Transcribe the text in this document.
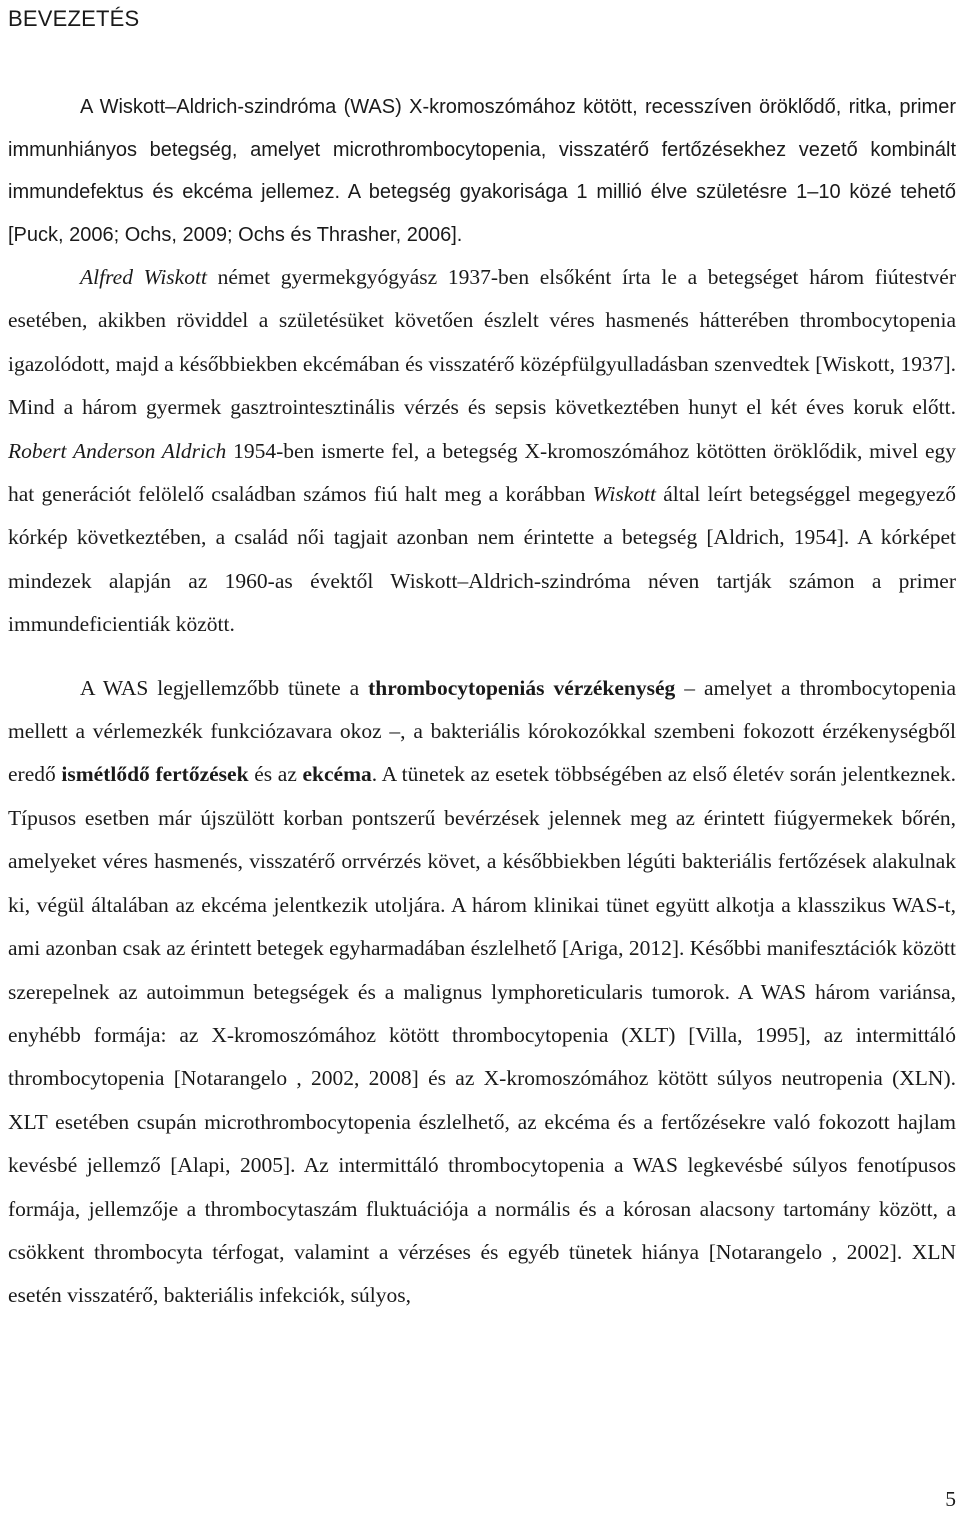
BEVEZETÉS

A Wiskott–Aldrich-szindróma (WAS) X-kromoszómához kötött, recesszíven öröklődő, ritka, primer immunhiányos betegség, amelyet microthrombocytopenia, visszatérő fertőzésekhez vezető kombinált immundefektus és ekcéma jellemez. A betegség gyakorisága 1 millió élve születésre 1–10 közé tehető [Puck, 2006; Ochs, 2009; Ochs és Thrasher, 2006].

Alfred Wiskott német gyermekgyógyász 1937-ben elsőként írta le a betegséget három fiútestvér esetében, akikben röviddel a születésüket követően észlelt véres hasmenés hátterében thrombocytopenia igazolódott, majd a későbbiekben ekcémában és visszatérő középfülgyulladásban szenvedtek [Wiskott, 1937]. Mind a három gyermek gasztrointesztinális vérzés és sepsis következtében hunyt el két éves koruk előtt. Robert Anderson Aldrich 1954-ben ismerte fel, a betegség X-kromoszómához kötötten öröklődik, mivel egy hat generációt felölelő családban számos fiú halt meg a korábban Wiskott által leírt betegséggel megegyező kórkép következtében, a család női tagjait azonban nem érintette a betegség [Aldrich, 1954]. A kórképet mindezek alapján az 1960-as évektől Wiskott–Aldrich-szindróma néven tartják számon a primer immundeficientiák között.

A WAS legjellemzőbb tünete a thrombocytopeniás vérzékenység – amelyet a thrombocytopenia mellett a vérlemezkék funkciózavara okoz –, a bakteriális kórokozókkal szembeni fokozott érzékenységből eredő ismétlődő fertőzések és az ekcéma. A tünetek az esetek többségében az első életév során jelentkeznek. Típusos esetben már újszülött korban pontszerű bevérzések jelennek meg az érintett fiúgyermekek bőrén, amelyeket véres hasmenés, visszatérő orrvérzés követ, a későbbiekben légúti bakteriális fertőzések alakulnak ki, végül általában az ekcéma jelentkezik utoljára. A három klinikai tünet együtt alkotja a klasszikus WAS-t, ami azonban csak az érintett betegek egyharmadában észlelhető [Ariga, 2012]. Későbbi manifesztációk között szerepelnek az autoimmun betegségek és a malignus lymphoreticularis tumorok. A WAS három variánsa, enyhébb formája: az X-kromoszómához kötött thrombocytopenia (XLT) [Villa, 1995], az intermittáló thrombocytopenia [Notarangelo , 2002, 2008] és az X-kromoszómához kötött súlyos neutropenia (XLN). XLT esetében csupán microthrombocytopenia észlelhető, az ekcéma és a fertőzésekre való fokozott hajlam kevésbé jellemző [Alapi, 2005]. Az intermittáló thrombocytopenia a WAS legkevésbé súlyos fenotípusos formája, jellemzője a thrombocytaszám fluktuációja a normális és a kórosan alacsony tartomány között, a csökkent thrombocyta térfogat, valamint a vérzéses és egyéb tünetek hiánya [Notarangelo , 2002]. XLN esetén visszatérő, bakteriális infekciók, súlyos,

5
